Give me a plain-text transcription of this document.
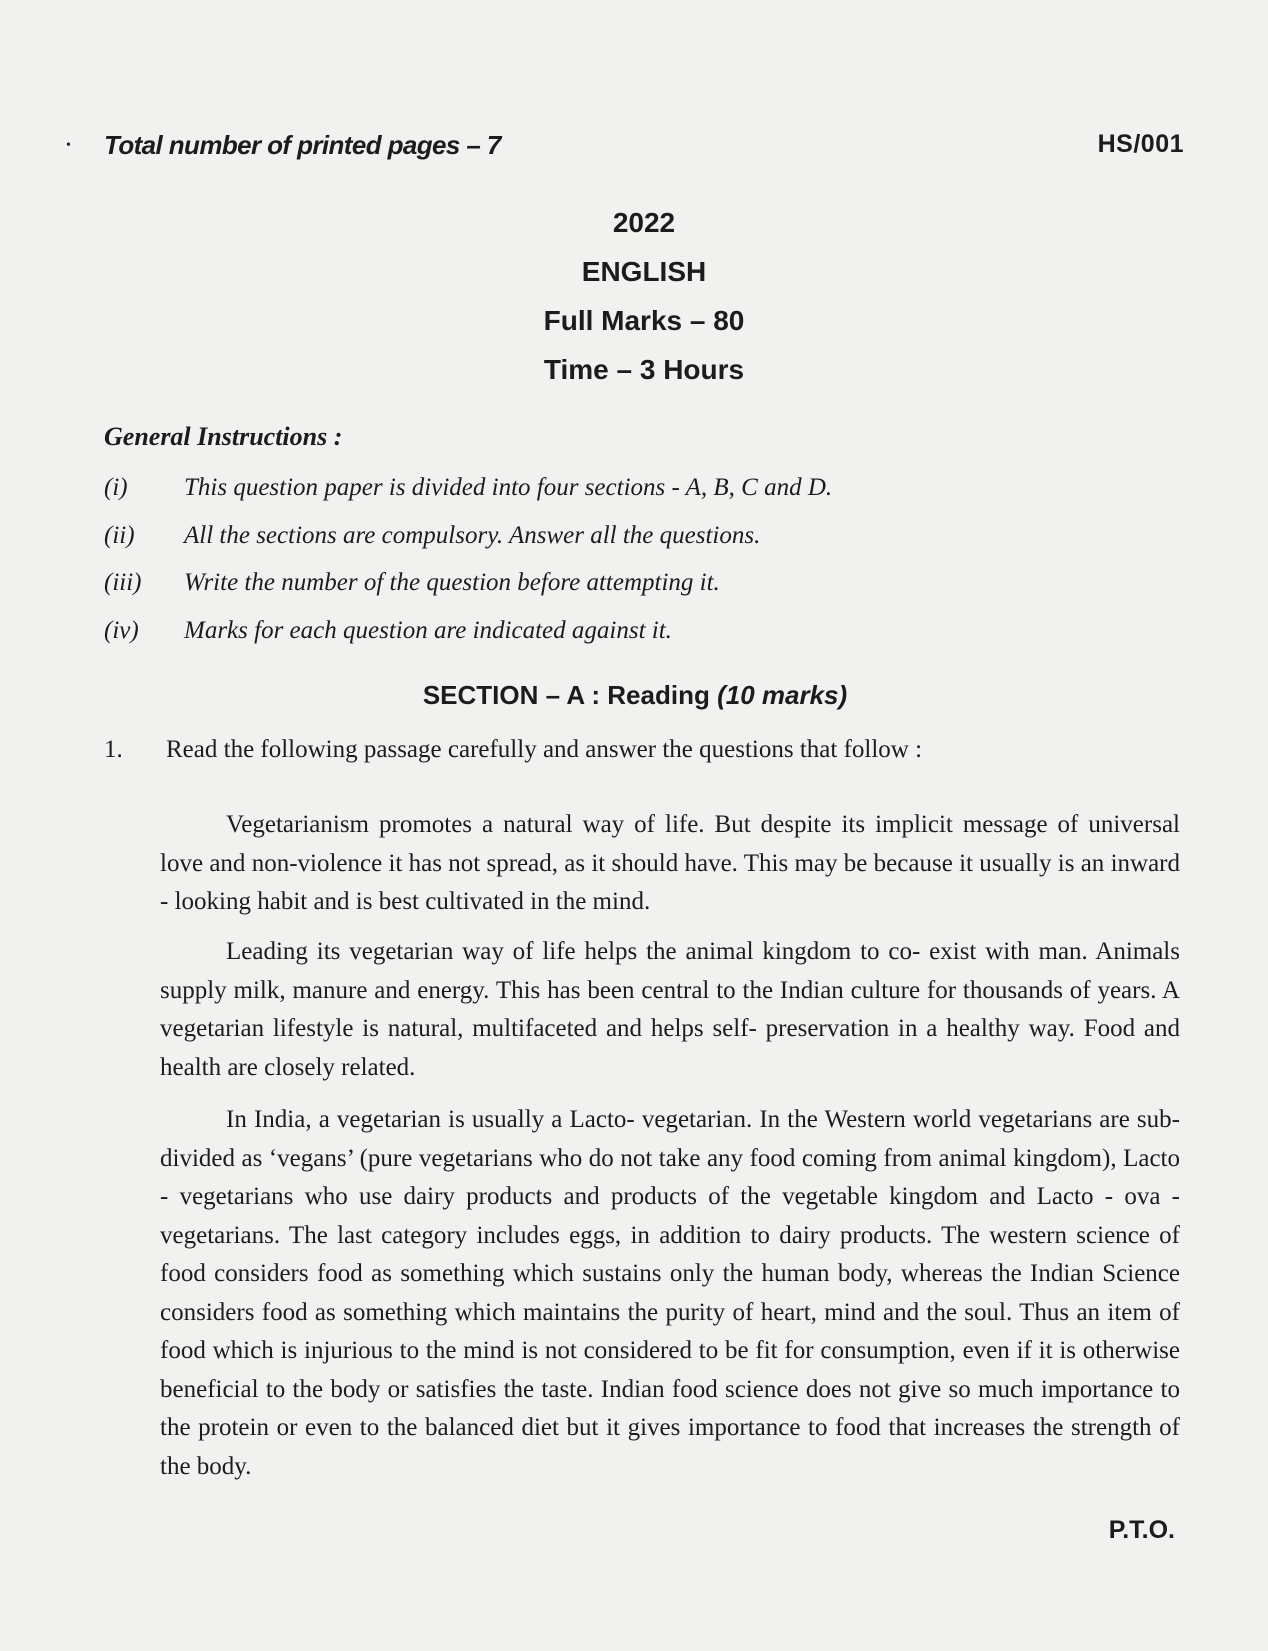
• Total number of printed pages – 7	HS/001
2022
ENGLISH
Full Marks – 80
Time – 3 Hours
General Instructions :
(i) This question paper is divided into four sections - A, B, C and D.
(ii) All the sections are compulsory. Answer all the questions.
(iii) Write the number of the question before attempting it.
(iv) Marks for each question are indicated against it.
SECTION – A : Reading (10 marks)
1. Read the following passage carefully and answer the questions that follow :

Vegetarianism promotes a natural way of life. But despite its implicit message of universal love and non-violence it has not spread, as it should have. This may be because it usually is an inward - looking habit and is best cultivated in the mind.

Leading its vegetarian way of life helps the animal kingdom to co- exist with man. Animals supply milk, manure and energy. This has been central to the Indian culture for thousands of years. A vegetarian lifestyle is natural, multifaceted and helps self- preservation in a healthy way. Food and health are closely related.

In India, a vegetarian is usually a Lacto- vegetarian. In the Western world vegetarians are sub-divided as ‘vegans’ (pure vegetarians who do not take any food coming from animal kingdom), Lacto - vegetarians who use dairy products and products of the vegetable kingdom and Lacto - ova - vegetarians. The last category includes eggs, in addition to dairy products. The western science of food considers food as something which sustains only the human body, whereas the Indian Science considers food as something which maintains the purity of heart, mind and the soul. Thus an item of food which is injurious to the mind is not considered to be fit for consumption, even if it is otherwise beneficial to the body or satisfies the taste. Indian food science does not give so much importance to the protein or even to the balanced diet but it gives importance to food that increases the strength of the body.

P.T.O.
